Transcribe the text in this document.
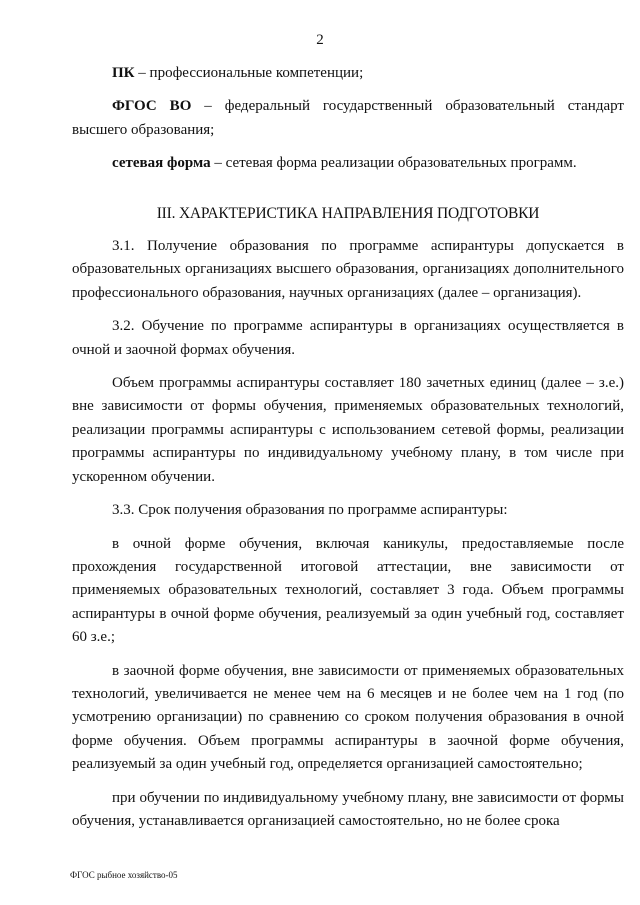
2
ПК – профессиональные компетенции;
ФГОС ВО – федеральный государственный образовательный стандарт высшего образования;
сетевая форма – сетевая форма реализации образовательных программ.
III. ХАРАКТЕРИСТИКА НАПРАВЛЕНИЯ ПОДГОТОВКИ
3.1. Получение образования по программе аспирантуры допускается в образовательных организациях высшего образования, организациях дополнительного профессионального образования, научных организациях (далее – организация).
3.2. Обучение по программе аспирантуры в организациях осуществляется в очной и заочной формах обучения.
Объем программы аспирантуры составляет 180 зачетных единиц (далее – з.е.) вне зависимости от формы обучения, применяемых образовательных технологий, реализации программы аспирантуры с использованием сетевой формы, реализации программы аспирантуры по индивидуальному учебному плану, в том числе при ускоренном обучении.
3.3. Срок получения образования по программе аспирантуры:
в очной форме обучения, включая каникулы, предоставляемые после прохождения государственной итоговой аттестации, вне зависимости от применяемых образовательных технологий, составляет 3 года. Объем программы аспирантуры в очной форме обучения, реализуемый за один учебный год, составляет 60 з.е.;
в заочной форме обучения, вне зависимости от применяемых образовательных технологий, увеличивается не менее чем на 6 месяцев и не более чем на 1 год (по усмотрению организации) по сравнению со сроком получения образования в очной форме обучения. Объем программы аспирантуры в заочной форме обучения, реализуемый за один учебный год, определяется организацией самостоятельно;
при обучении по индивидуальному учебному плану, вне зависимости от формы обучения, устанавливается организацией самостоятельно, но не более срока
ФГОС рыбное хозяйство-05
